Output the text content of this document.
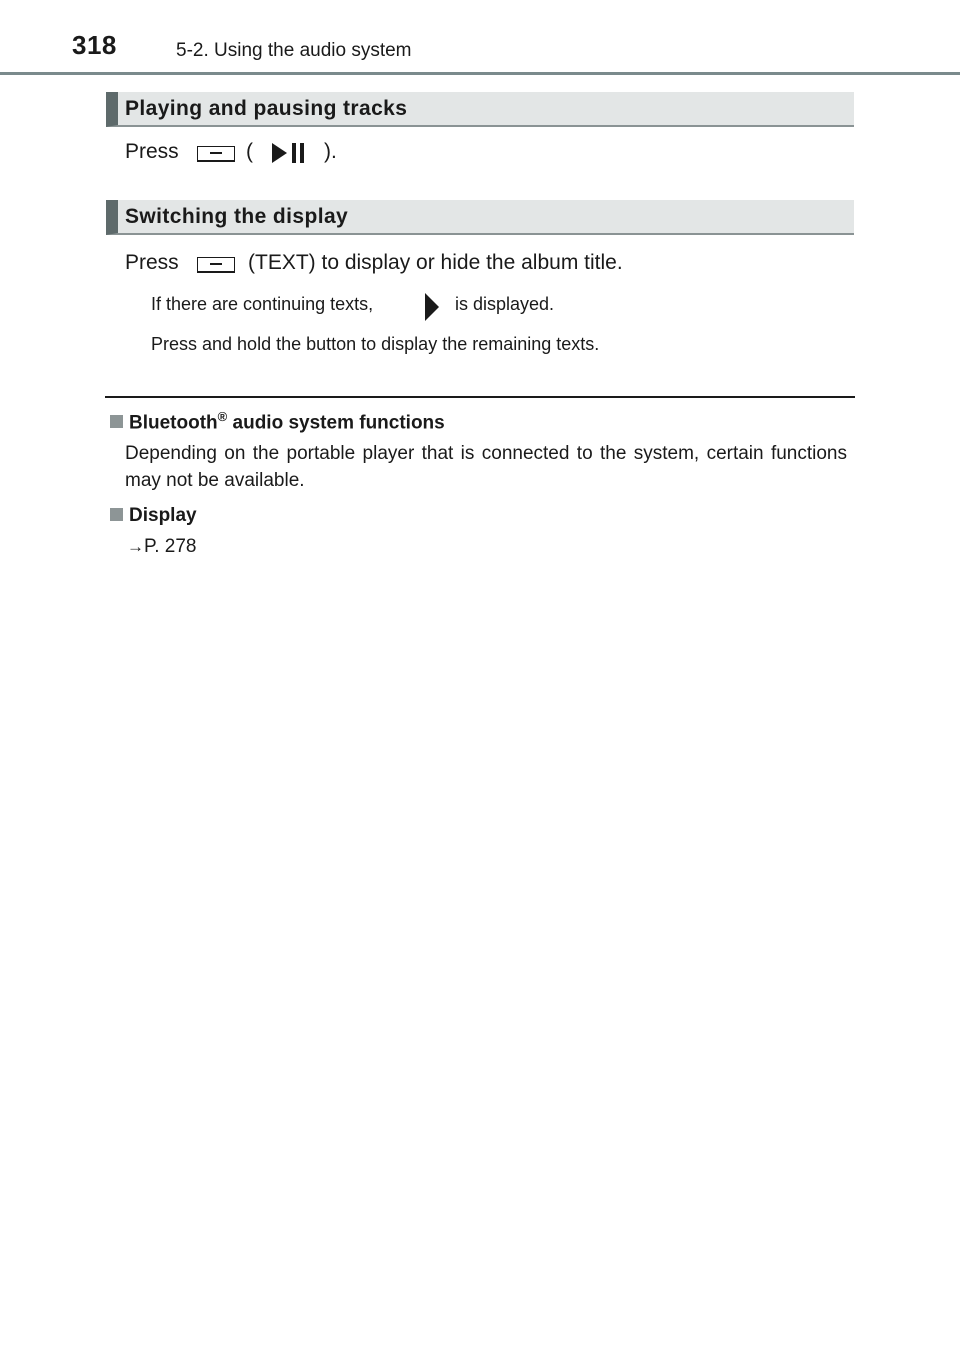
318	5-2. Using the audio system
Playing and pausing tracks
Press	(	).
Switching the display
Press	(TEXT) to display or hide the album title.
If there are continuing texts,	is displayed.
Press and hold the button to display the remaining texts.
Bluetooth® audio system functions
Depending on the portable player that is connected to the system, certain functions may not be available.
Display
→P. 278
